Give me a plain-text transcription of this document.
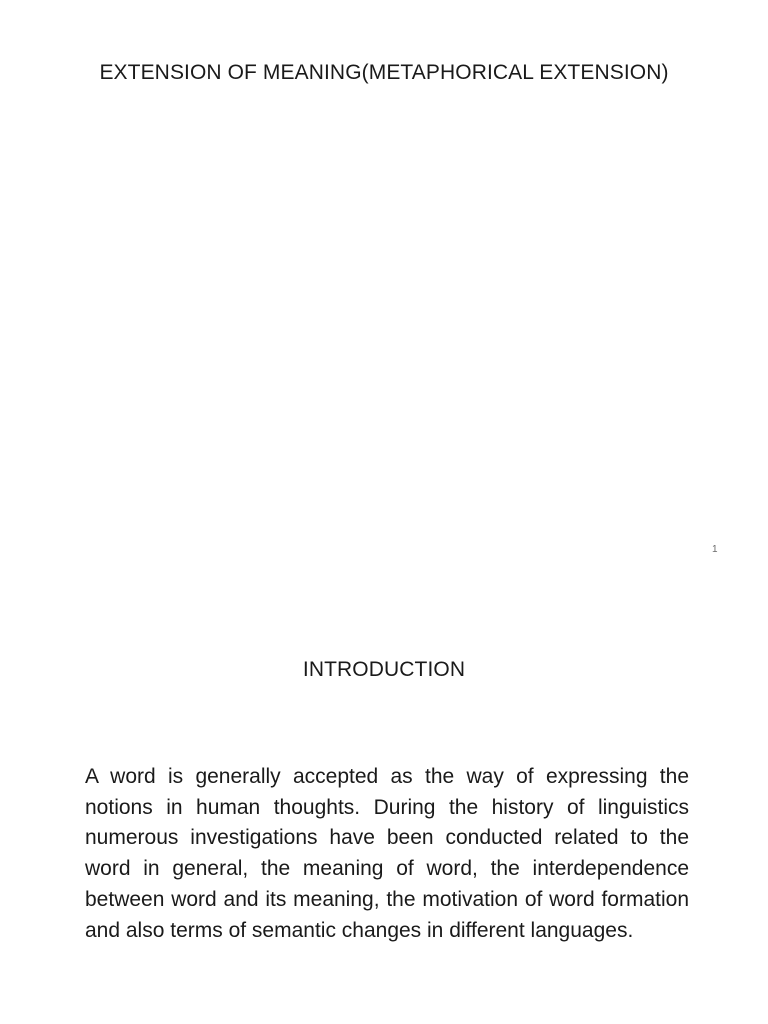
EXTENSION OF MEANING(METAPHORICAL EXTENSION)
1
INTRODUCTION

A word is generally accepted as the way of expressing the notions in human thoughts. During the history of linguistics numerous investigations have been conducted related to the word in general, the meaning of word, the interdependence between word and its meaning, the motivation of word formation and also terms of semantic changes in different languages.
